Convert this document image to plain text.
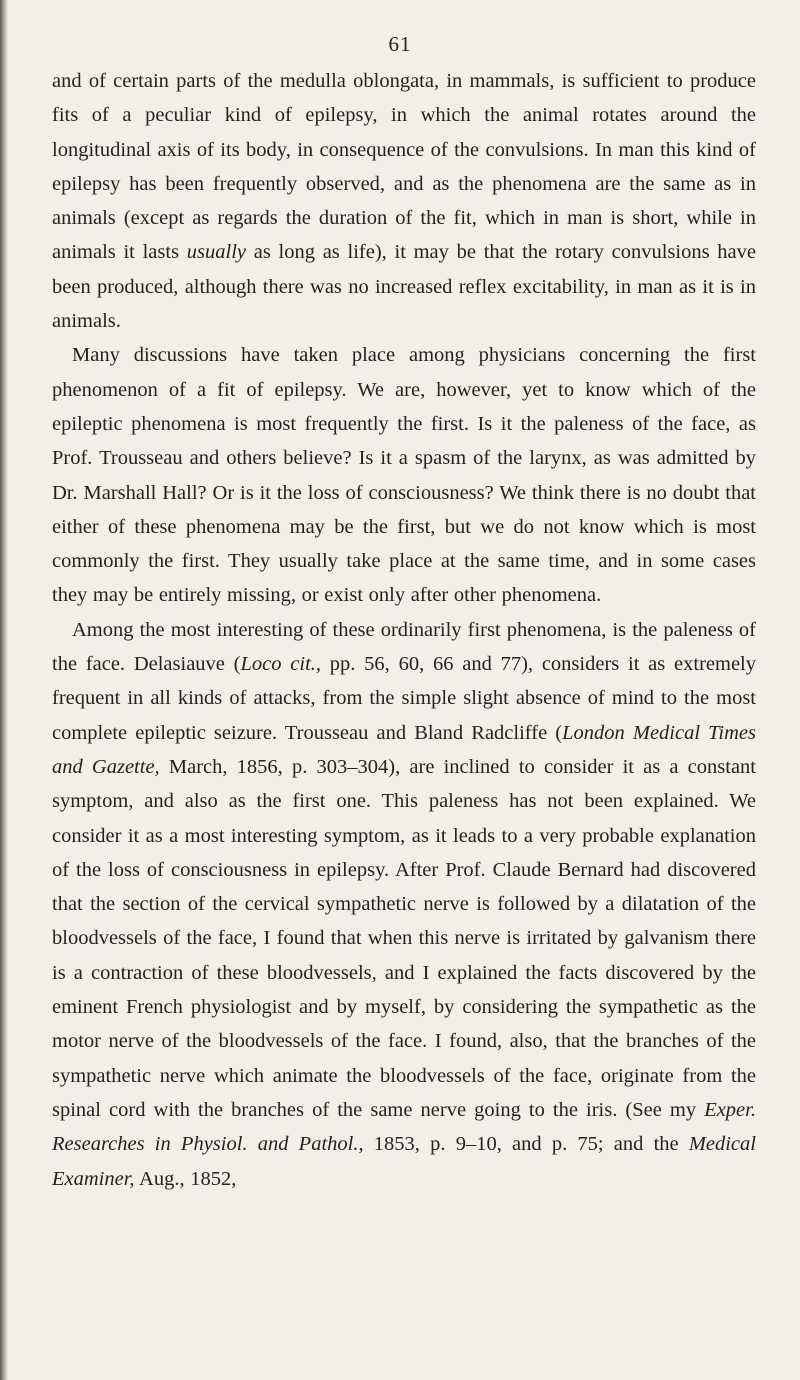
61

and of certain parts of the medulla oblongata, in mammals, is sufficient to produce fits of a peculiar kind of epilepsy, in which the animal rotates around the longitudinal axis of its body, in consequence of the convulsions. In man this kind of epilepsy has been frequently observed, and as the phenomena are the same as in animals (except as regards the duration of the fit, which in man is short, while in animals it lasts usually as long as life), it may be that the rotary convulsions have been produced, although there was no increased reflex excitability, in man as it is in animals.

Many discussions have taken place among physicians concerning the first phenomenon of a fit of epilepsy. We are, however, yet to know which of the epileptic phenomena is most frequently the first. Is it the paleness of the face, as Prof. Trousseau and others believe? Is it a spasm of the larynx, as was admitted by Dr. Marshall Hall? Or is it the loss of consciousness? We think there is no doubt that either of these phenomena may be the first, but we do not know which is most commonly the first. They usually take place at the same time, and in some cases they may be entirely missing, or exist only after other phenomena.

Among the most interesting of these ordinarily first phenomena, is the paleness of the face. Delasiauve (Loco cit., pp. 56, 60, 66 and 77), considers it as extremely frequent in all kinds of attacks, from the simple slight absence of mind to the most complete epileptic seizure. Trousseau and Bland Radcliffe (London Medical Times and Gazette, March, 1856, p. 303–304), are inclined to consider it as a constant symptom, and also as the first one. This paleness has not been explained. We consider it as a most interesting symptom, as it leads to a very probable explanation of the loss of consciousness in epilepsy. After Prof. Claude Bernard had discovered that the section of the cervical sympathetic nerve is followed by a dilatation of the bloodvessels of the face, I found that when this nerve is irritated by galvanism there is a contraction of these bloodvessels, and I explained the facts discovered by the eminent French physiologist and by myself, by considering the sympathetic as the motor nerve of the bloodvessels of the face. I found, also, that the branches of the sympathetic nerve which animate the bloodvessels of the face, originate from the spinal cord with the branches of the same nerve going to the iris. (See my Exper. Researches in Physiol. and Pathol., 1853, p. 9–10, and p. 75; and the Medical Examiner, Aug., 1852,
